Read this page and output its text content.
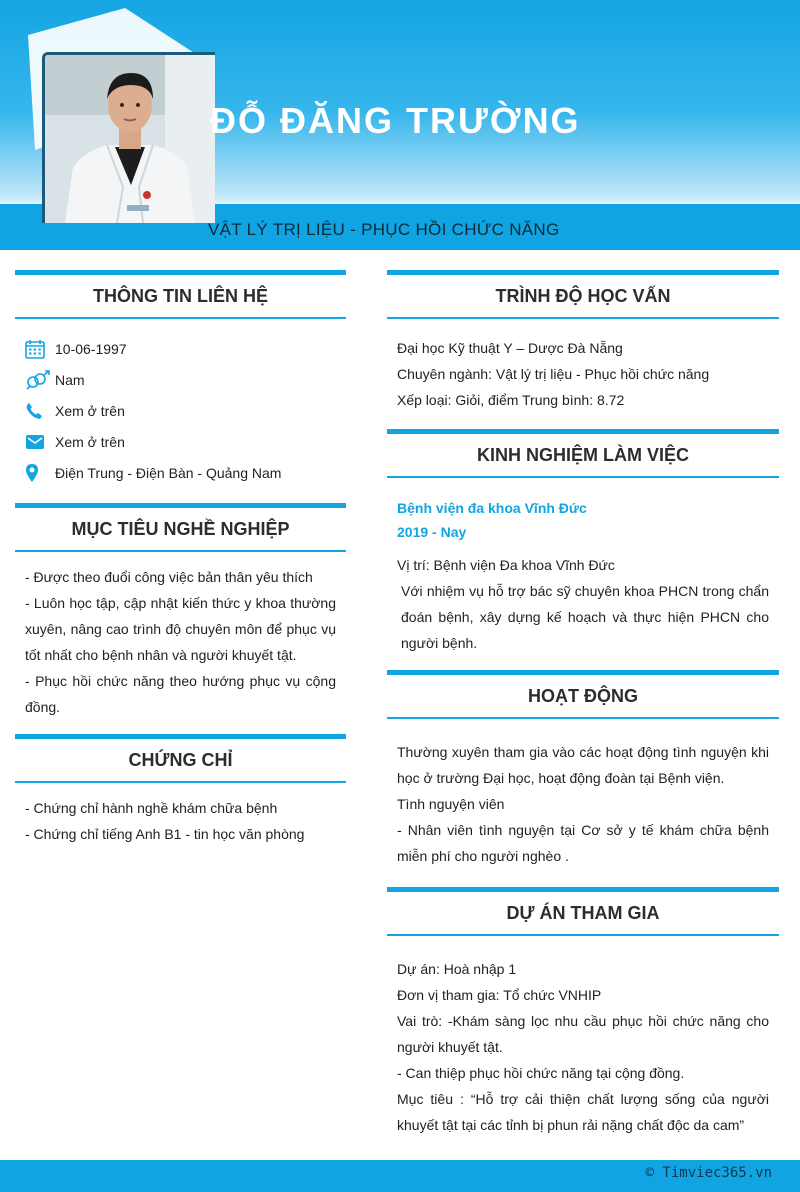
ĐỖ ĐĂNG TRƯỜNG
VẬT LÝ TRỊ LIỆU - PHỤC HỒI CHỨC NĂNG
THÔNG TIN LIÊN HỆ
10-06-1997
Nam
Xem ở trên
Xem ở trên
Điện Trung - Điện Bàn - Quảng Nam
MỤC TIÊU NGHỀ NGHIỆP
- Được theo đuổi công việc bản thân yêu thích
- Luôn học tập, cập nhật kiến thức y khoa thường xuyên, nâng cao trình độ chuyên môn để phục vụ tốt nhất cho bệnh nhân và người khuyết tật.
- Phục hồi chức năng theo hướng phục vụ cộng đồng.
CHỨNG CHỈ
- Chứng chỉ hành nghề khám chữa bệnh
- Chứng chỉ tiếng Anh B1 - tin học văn phòng
TRÌNH ĐỘ HỌC VẤN
Đại học Kỹ thuật Y – Dược Đà Nẵng
Chuyên ngành: Vật lý trị liệu - Phục hồi chức năng
Xếp loại: Giỏi, điểm Trung bình: 8.72
KINH NGHIỆM LÀM VIỆC
Bệnh viện đa khoa Vĩnh Đức
2019 - Nay
Vị trí: Bệnh viện Đa khoa Vĩnh Đức
Với nhiệm vụ hỗ trợ bác sỹ chuyên khoa PHCN trong chẩn đoán bệnh, xây dựng kế hoạch và thực hiện PHCN cho người bệnh.
HOẠT ĐỘNG
Thường xuyên tham gia vào các hoạt động tình nguyện khi học ở trường Đại học, hoạt động đoàn tại Bệnh viện.
Tình nguyện viên
- Nhân viên tình nguyện tại Cơ sở y tế khám chữa bệnh miễn phí cho người nghèo .
DỰ ÁN THAM GIA
Dự án: Hoà nhập 1
Đơn vị tham gia: Tổ chức VNHIP
Vai trò: -Khám sàng lọc nhu cầu phục hồi chức năng cho người khuyết tật.
- Can thiệp phục hồi chức năng tại cộng đồng.
Mục tiêu : “Hỗ trợ cải thiện chất lượng sống của người khuyết tật tại các tỉnh bị phun rải nặng chất độc da cam”
© Timviec365.vn
